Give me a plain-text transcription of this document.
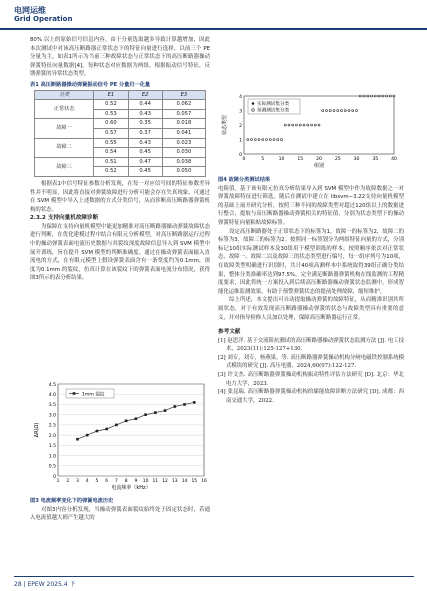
电网运维
Grid Operation

80% 以上的原始信号信息内容。由于分量选取越多导致计算越增加，因此本次测试中对该高压断路器正常状态下的特征向量进行选择，以前三个 PE 分量为主，如表1所示为当前三种故障状态与正常状态下的高压断路器操动弹簧特征向量数据[4]。每种状态对应数据为两组，根据振动信号特征，反馈弹簧的异常状态类型。

表1 高压断路器操动弹簧振动信号 PE 分量归一化量
分类	E1	E2	E3
正常状态	0.52	0.44	0.062
	0.53	0.43	0.057
故障一	0.60	0.35	0.018
	0.57	0.37	0.041
故障二	0.55	0.43	0.023
	0.54	0.45	0.030
故障三	0.51	0.47	0.038
	0.52	0.45	0.050

根据表1中信号特征参数分析发现，在每一对应信号间的特征参数差异性并不明显，因此将直接对弹簧故障进行分析可能会存在失真现象，可通过在 SVM 模型中导入上述数据的方式分类信号，从而诊断高压断路器弹簧机构的状态。

2.3.2 支持向量机故障诊断

为保障在支持向量机模型中能更加精准对高压断路器操动弹簧故障状态进行判断，在优化建模过程中结合有限元分析模型，对高压断路器运行过程中的操动弹簧表面电流历史数据与其裂纹深度故障信息导入到 SVM 模型中展开训练，旨在提升 SVM 模型的判断准确度。通过在操动弹簧表面输入直流电的方式，在有限元模型上假设弹簧表面含有一条宽度约为0.1mm，深度为0.1mm 的裂纹，仿真计算在该裂纹下的弹簧表面电流分布情况，获得图3所示的表分析结果。

0
0.5
1.0
1.5
2.0
2.5
3.0
3.5
4.0
4.5
1 2 3 4 5 6 7 8 9 10 11 12 13 14 15 16
电流频率（kHz）
ΔR(Ω)
1mm 裂纹
图3 电流频率变化下的弹簧电流历史

对图3内容分析发现，当操动弹簧表面裂纹始终处于固定状态时，若通入电流值越大则产生越大的

0
1
2
3
4
0	5	10	15	20	25	30	35	40
组别
状态类型
实际测试集分类
预测测试集分类
图4 故障分类测试结果

电阻值。基于该有限元仿真分析结果导入到 SVM 模型中作为故障数据之一对弹簧故障特征进行筛选，随后在测试中建立在 libsvm−3.22支持向量机模型的基础上展开研究分析，按照三种不同的故障类型对超过120组以上的数据进行整合，提取与高压断路器操动弹簧相关的特征值，分别为状态类型下的操动弹簧特征向量粘贴故障标签。

设定高压断路器处于正常状态下的标签为1，故障一的标签为2，故障二的标签为3，故障三的标签为2。按照同一标签划分为两组特征向量的方式，分别标记10组实际测试样本及30组用于模型训练的样本，按照顺序依次对正常状态、故障一、故障二以及故障三的状态类型进行编号，每一组序列号为10项，在故障类型明确进行识别时，共计40项高测样本中系统取得39组正确分类结果，整体分类准确率达到97.5%，完全满足断路器弹簧机构在线监测的工程精度要求，因此将统一方案投入到后续高压断路器操动弹簧状态监测中，形成智能化运维监测效果，有助于预警弹簧状态的提前处理故障，缩短维护。

综上所述，本文提出可自动提取操动弹簧的故障特征，从而精准识别其所属状态，对于有效发现高压断路器操动弹簧的状态与故障类型具有重要的意义，并对指导检修人员加以处理，保障高压断路器运行正常。

参考文献
[1] 赵思洋. 基于交流阻抗测试的高压断路器操动弹簧状态监测方法 [J]. 电工技术，2023(11):125-127+130.
[2] 刘专，刘专，杨燕果，等. 高压断路器弹簧操动机构分闸电磁铁控制系统模式模块的研究 [J]. 高压电器，2024,60(07):122-127.
[3] 许文杰. 高压断路器弹簧操动机构振动特性评估方法研究 [D]. 北京：华北电力大学，2023.
[4] 张昆瑞. 高压断路器弹簧操动机构的储能故障诊断方法研究 [D]. 成都：西南交通大学，2022.
28 | EPEW 2025.4 下
